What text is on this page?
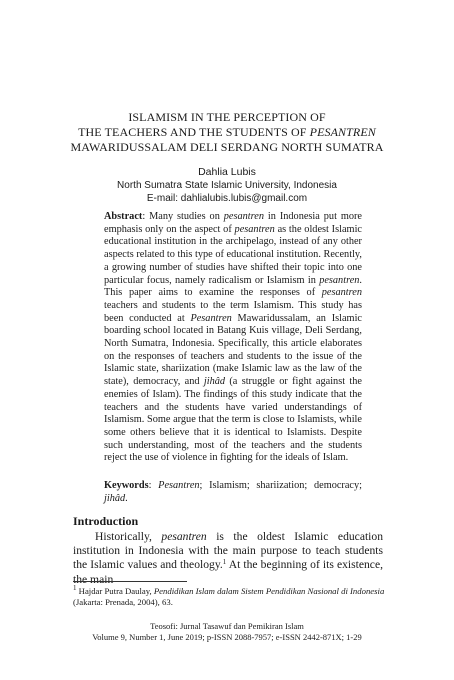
ISLAMISM IN THE PERCEPTION OF
THE TEACHERS AND THE STUDENTS OF PESANTREN
MAWARIDUSSALAM DELI SERDANG NORTH SUMATRA
Dahlia Lubis
North Sumatra State Islamic University, Indonesia
E-mail: dahlialubis.lubis@gmail.com
Abstract: Many studies on pesantren in Indonesia put more emphasis only on the aspect of pesantren as the oldest Islamic educational institution in the archipelago, instead of any other aspects related to this type of educational institution. Recently, a growing number of studies have shifted their topic into one particular focus, namely radicalism or Islamism in pesantren. This paper aims to examine the responses of pesantren teachers and students to the term Islamism. This study has been conducted at Pesantren Mawaridussalam, an Islamic boarding school located in Batang Kuis village, Deli Serdang, North Sumatra, Indonesia. Specifically, this article elaborates on the responses of teachers and students to the issue of the Islamic state, shariization (make Islamic law as the law of the state), democracy, and jihâd (a struggle or fight against the enemies of Islam). The findings of this study indicate that the teachers and the students have varied understandings of Islamism. Some argue that the term is close to Islamists, while some others believe that it is identical to Islamists. Despite such understanding, most of the teachers and the students reject the use of violence in fighting for the ideals of Islam.
Keywords: Pesantren; Islamism; shariization; democracy; jihâd.
Introduction
Historically, pesantren is the oldest Islamic education institution in Indonesia with the main purpose to teach students the Islamic values and theology.$^1$ At the beginning of its existence, the main
$^1$ Hajdar Putra Daulay, Pendidikan Islam dalam Sistem Pendidikan Nasional di Indonesia (Jakarta: Prenada, 2004), 63.
Teosofi: Jurnal Tasawuf dan Pemikiran Islam
Volume 9, Number 1, June 2019; p-ISSN 2088-7957; e-ISSN 2442-871X; 1-29
